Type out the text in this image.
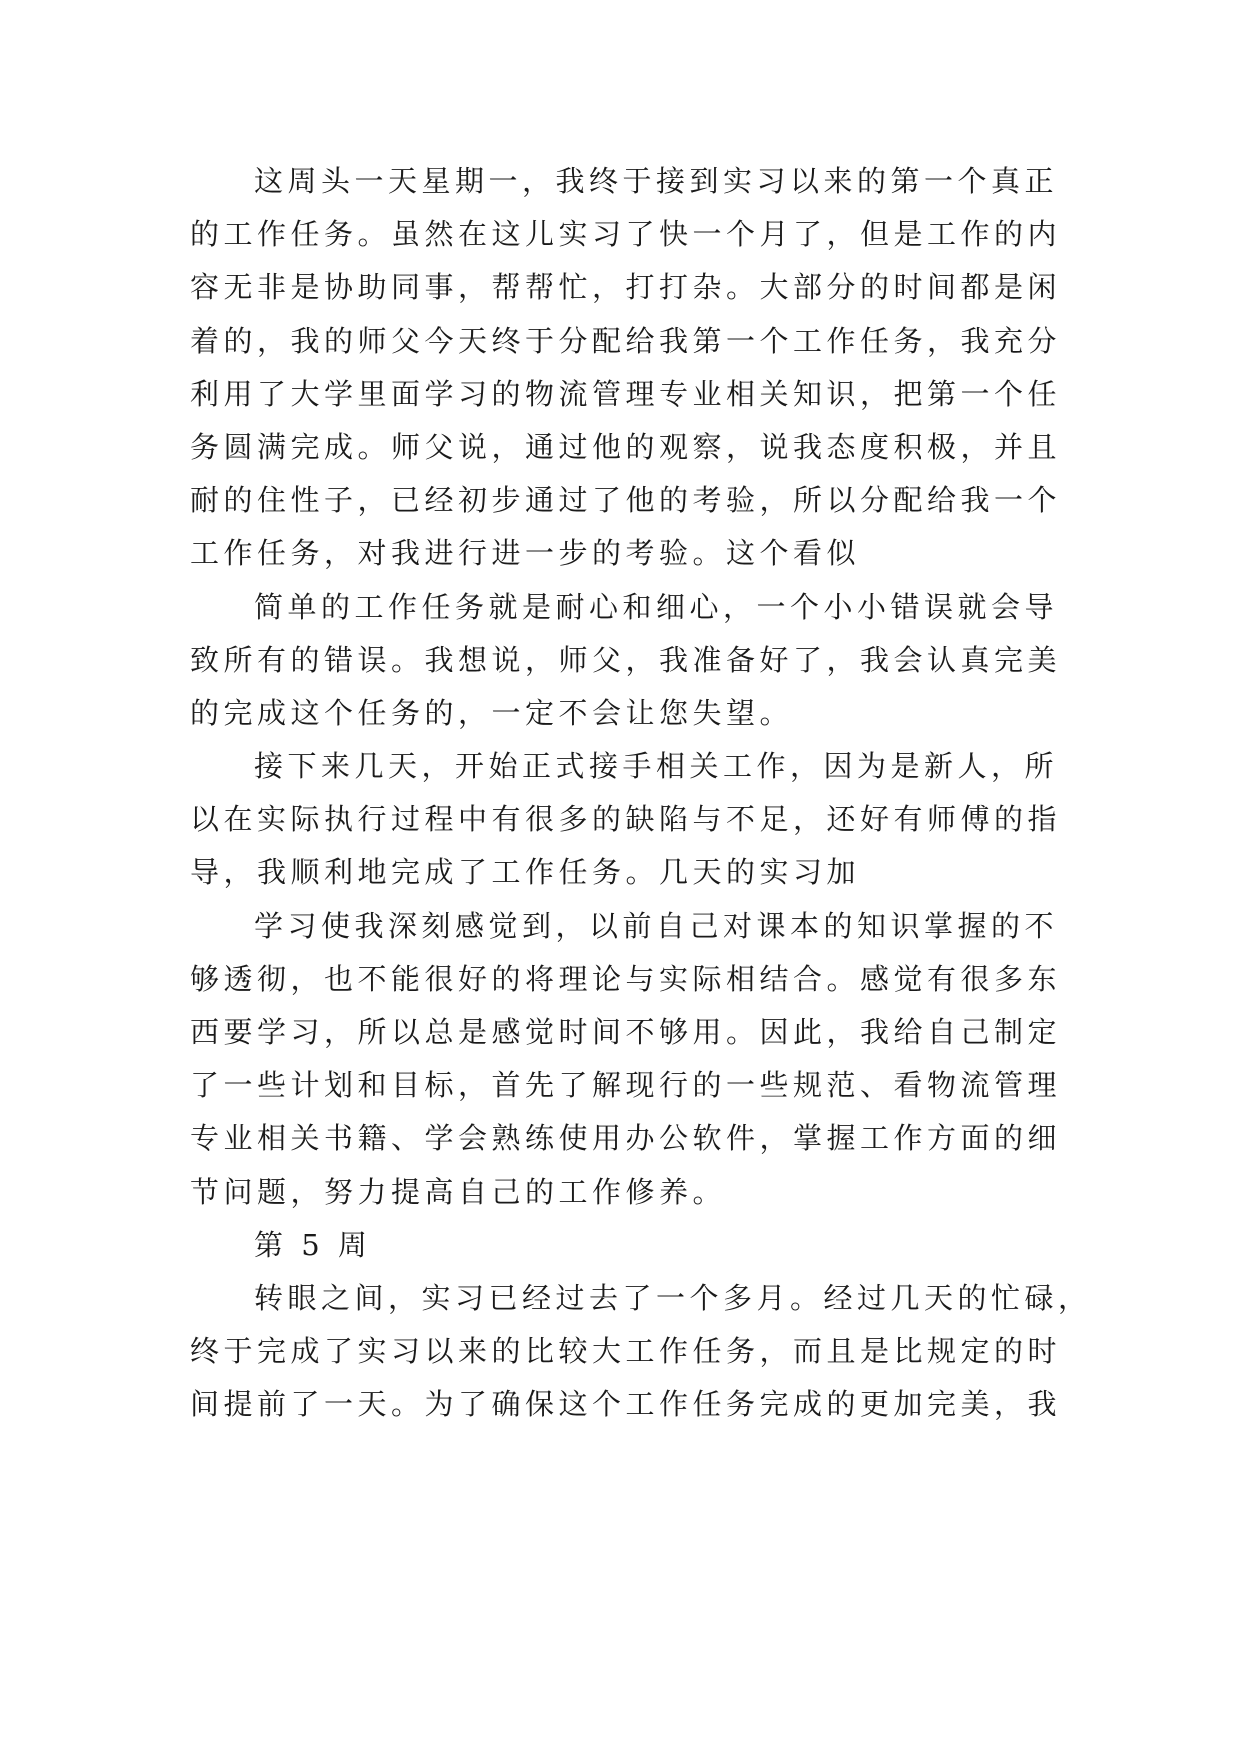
这周头一天星期一，我终于接到实习以来的第一个真正
的工作任务。虽然在这儿实习了快一个月了，但是工作的内
容无非是协助同事，帮帮忙，打打杂。大部分的时间都是闲
着的，我的师父今天终于分配给我第一个工作任务，我充分
利用了大学里面学习的物流管理专业相关知识，把第一个任
务圆满完成。师父说，通过他的观察，说我态度积极，并且
耐的住性子，已经初步通过了他的考验，所以分配给我一个
工作任务，对我进行进一步的考验。这个看似
简单的工作任务就是耐心和细心，一个小小错误就会导
致所有的错误。我想说，师父，我准备好了，我会认真完美
的完成这个任务的，一定不会让您失望。
接下来几天，开始正式接手相关工作，因为是新人，所
以在实际执行过程中有很多的缺陷与不足，还好有师傅的指
导，我顺利地完成了工作任务。几天的实习加
学习使我深刻感觉到，以前自己对课本的知识掌握的不
够透彻，也不能很好的将理论与实际相结合。感觉有很多东
西要学习，所以总是感觉时间不够用。因此，我给自己制定
了一些计划和目标，首先了解现行的一些规范、看物流管理
专业相关书籍、学会熟练使用办公软件，掌握工作方面的细
节问题，努力提高自己的工作修养。
第 5 周
转眼之间，实习已经过去了一个多月。经过几天的忙碌，
终于完成了实习以来的比较大工作任务，而且是比规定的时
间提前了一天。为了确保这个工作任务完成的更加完美，我
